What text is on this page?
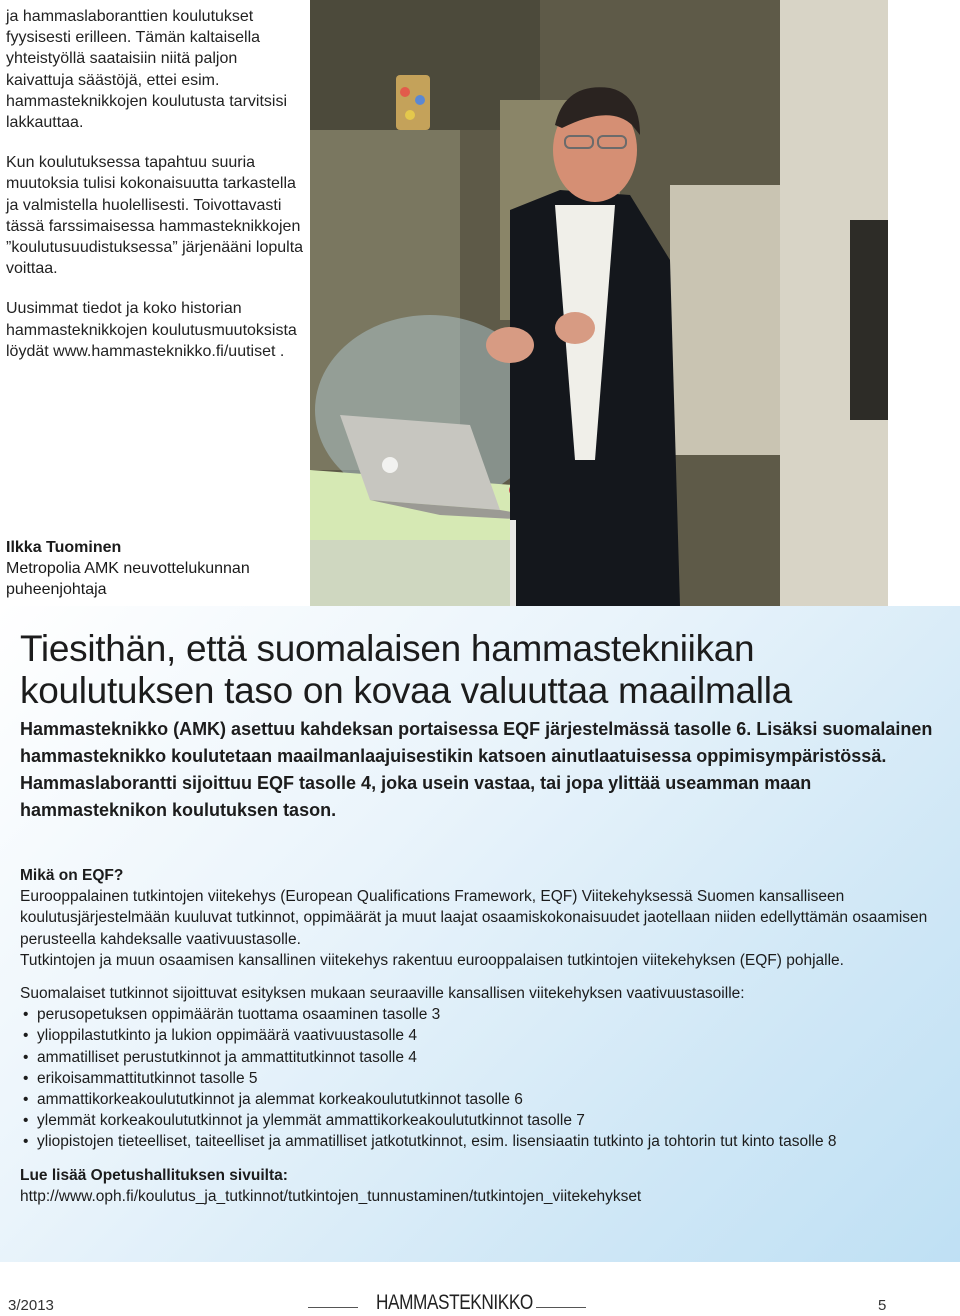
ja hammaslaboranttien koulutukset fyysisesti erilleen. Tämän kaltaisella yhteistyöllä saataisiin niitä paljon kaivattuja säästöjä, ettei esim. hammasteknikkojen koulutusta tarvitsisi lakkauttaa.

Kun koulutuksessa tapahtuu suuria muutoksia tulisi kokonaisuutta tarkastella ja valmistella huolellisesti. Toivottavasti tässä farssimaisessa hammasteknikkojen ”koulutusuudistuksessa” järjenääni lopulta voittaa.

Uusimmat tiedot ja koko historian hammasteknikkojen koulutusmuutoksista löydät www.hammasteknikko.fi/uutiset .

Ilkka Tuominen
Metropolia AMK neuvottelukunnan puheenjohtaja
Tiesithän, että suomalaisen hammastekniikan koulutuksen taso on kovaa valuuttaa maailmalla

Hammasteknikko (AMK) asettuu kahdeksan portaisessa EQF järjestelmässä tasolle 6. Lisäksi suomalainen hammasteknikko koulutetaan maailmanlaajuisestikin katsoen ainutlaatuisessa oppimisympäristössä.

Hammaslaborantti sijoittuu EQF tasolle 4, joka usein vastaa, tai jopa ylittää useamman maan hammasteknikon koulutuksen tason.

Mikä on EQF?
Eurooppalainen tutkintojen viitekehys (European Qualifications Framework, EQF) Viitekehyksessä Suomen kansalliseen koulutusjärjestelmään kuuluvat tutkinnot, oppimäärät ja muut laajat osaamiskokonaisuudet jaotellaan niiden edellyttämän osaamisen perusteella kahdeksalle vaativuustasolle.
Tutkintojen ja muun osaamisen kansallinen viitekehys rakentuu eurooppalaisen tutkintojen viitekehyksen (EQF) pohjalle.
Suomalaiset tutkinnot sijoittuvat esityksen mukaan seuraaville kansallisen viitekehyksen vaativuustasoille:
• perusopetuksen oppimäärän tuottama osaaminen tasolle 3
• ylioppilastutkinto ja lukion oppimäärä vaativuustasolle 4
• ammatilliset perustutkinnot ja ammattitutkinnot tasolle 4
• erikoisammattitutkinnot tasolle 5
• ammattikorkeakoulututkinnot ja alemmat korkeakoulututkinnot tasolle 6
• ylemmät korkeakoulututkinnot ja ylemmät ammattikorkeakoulututkinnot tasolle 7
• yliopistojen tieteelliset, taiteelliset ja ammatilliset jatkotutkinnot, esim. lisensiaatin tutkinto ja tohtorin tut kinto tasolle 8
Lue lisää Opetushallituksen sivuilta:
http://www.oph.fi/koulutus_ja_tutkinnot/tutkintojen_tunnustaminen/tutkintojen_viitekehykset
3/2013	HAMMASTEKNIKKO	5
